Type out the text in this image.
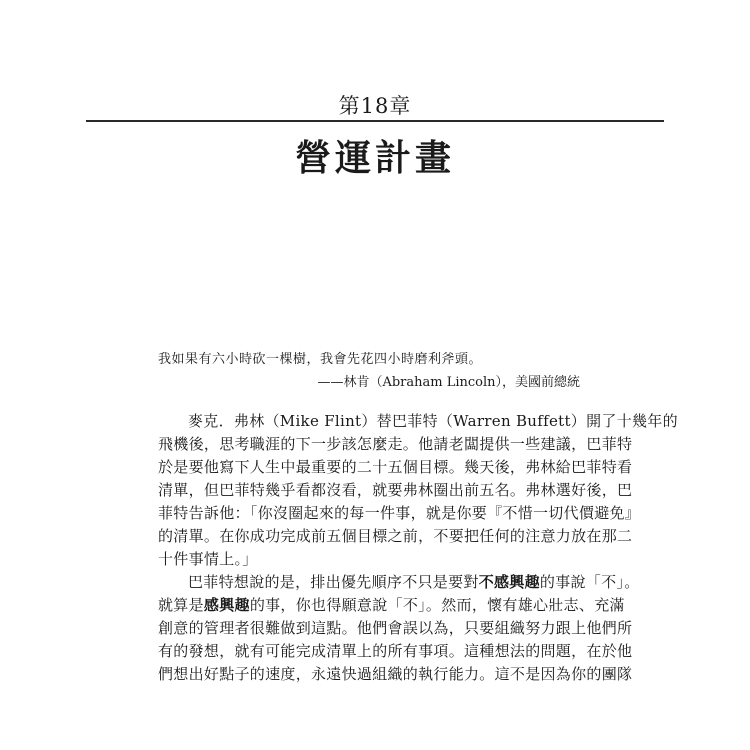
第18章
營運計畫
我如果有六小時砍一棵樹，我會先花四小時磨利斧頭。
——林肯（Abraham Lincoln），美國前總統
麥克．弗林（Mike Flint）替巴菲特（Warren Buffett）開了十幾年的
飛機後，思考職涯的下一步該怎麼走。他請老闆提供一些建議，巴菲特
於是要他寫下人生中最重要的二十五個目標。幾天後，弗林給巴菲特看
清單，但巴菲特幾乎看都沒看，就要弗林圈出前五名。弗林選好後，巴
菲特告訴他：「你沒圈起來的每一件事，就是你要『不惜一切代價避免』
的清單。在你成功完成前五個目標之前，不要把任何的注意力放在那二
十件事情上。」
巴菲特想說的是，排出優先順序不只是要對不感興趣的事說「不」。
就算是感興趣的事，你也得願意說「不」。然而，懷有雄心壯志、充滿
創意的管理者很難做到這點。他們會誤以為，只要組織努力跟上他們所
有的發想，就有可能完成清單上的所有事項。這種想法的問題，在於他
們想出好點子的速度，永遠快過組織的執行能力。這不是因為你的團隊
